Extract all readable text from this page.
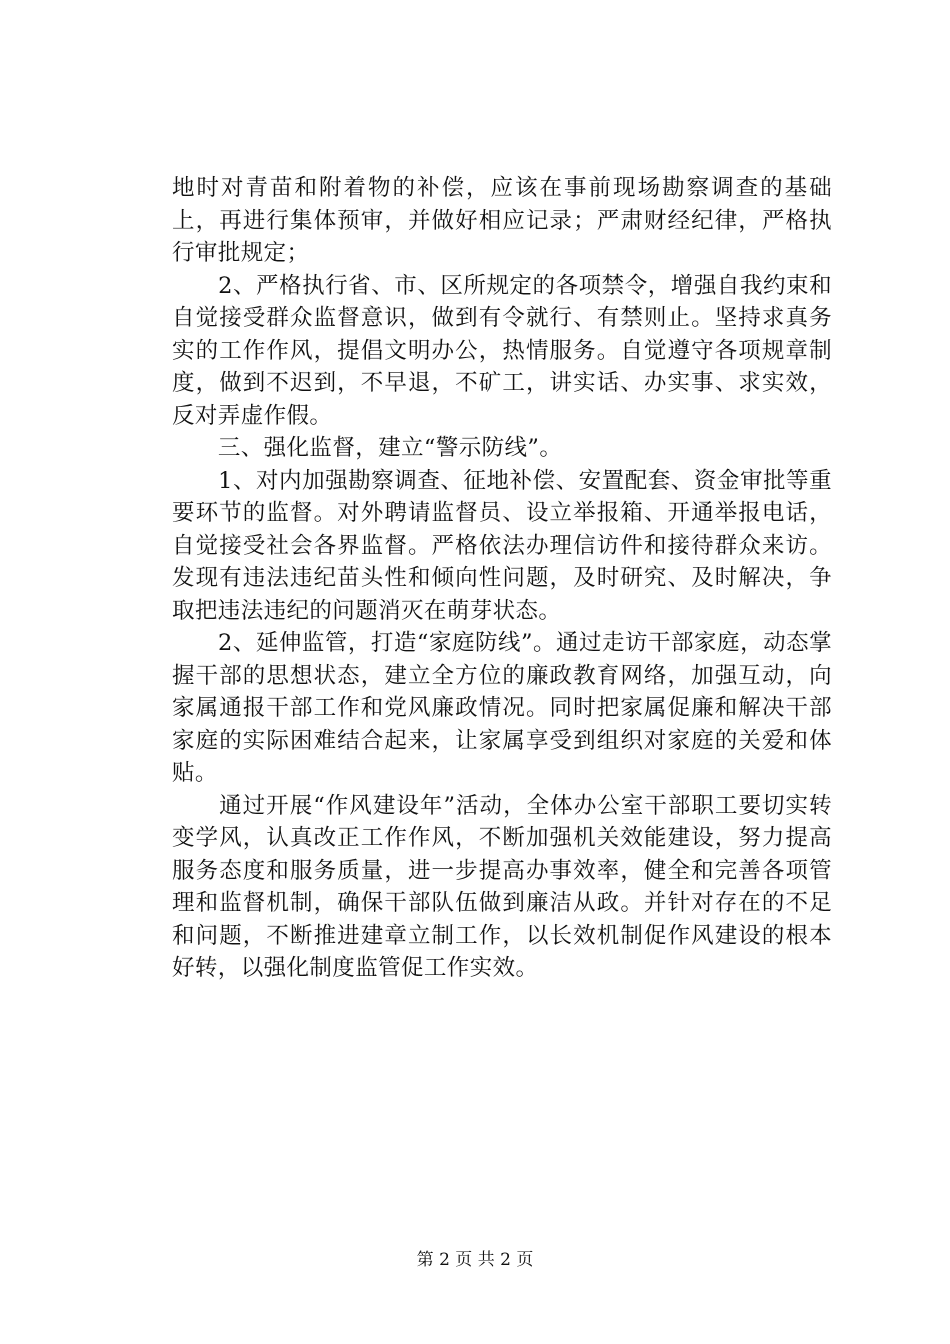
地时对青苗和附着物的补偿，应该在事前现场勘察调查的基础上，再进行集体预审，并做好相应记录；严肃财经纪律，严格执行审批规定；

　　2、严格执行省、市、区所规定的各项禁令，增强自我约束和自觉接受群众监督意识，做到有令就行、有禁则止。坚持求真务实的工作作风，提倡文明办公，热情服务。自觉遵守各项规章制度，做到不迟到，不早退，不矿工，讲实话、办实事、求实效，反对弄虚作假。

　　三、强化监督，建立“警示防线”。

　　1、对内加强勘察调查、征地补偿、安置配套、资金审批等重要环节的监督。对外聘请监督员、设立举报箱、开通举报电话，自觉接受社会各界监督。严格依法办理信访件和接待群众来访。发现有违法违纪苗头性和倾向性问题，及时研究、及时解决，争取把违法违纪的问题消灭在萌芽状态。

　　2、延伸监管，打造“家庭防线”。通过走访干部家庭，动态掌握干部的思想状态，建立全方位的廉政教育网络，加强互动，向家属通报干部工作和党风廉政情况。同时把家属促廉和解决干部家庭的实际困难结合起来，让家属享受到组织对家庭的关爱和体贴。

　　通过开展“作风建设年”活动，全体办公室干部职工要切实转变学风，认真改正工作作风，不断加强机关效能建设，努力提高服务态度和服务质量，进一步提高办事效率，健全和完善各项管理和监督机制，确保干部队伍做到廉洁从政。并针对存在的不足和问题，不断推进建章立制工作，以长效机制促作风建设的根本好转，以强化制度监管促工作实效。

第 2 页 共 2 页
